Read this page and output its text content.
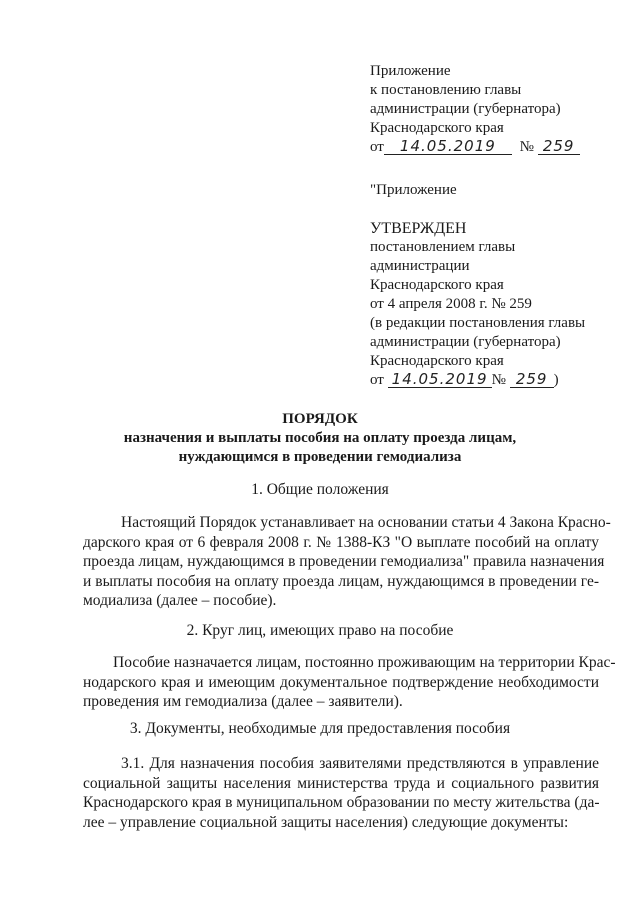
Приложение
к постановлению главы
администрации (губернатора)
Краснодарского края
от 14.05.2019 № 259
"Приложение
УТВЕРЖДЕН
постановлением главы
администрации
Краснодарского края
от 4 апреля 2008 г. № 259
(в редакции постановления главы
администрации (губернатора)
Краснодарского края
от 14.05.2019 № 259 )
ПОРЯДОК
назначения и выплаты пособия на оплату проезда лицам,
нуждающимся в проведении гемодиализа
1. Общие положения
Настоящий Порядок устанавливает на основании статьи 4 Закона Красно-
дарского края от 6 февраля 2008 г. № 1388-КЗ "О выплате пособий на оплату
проезда лицам, нуждающимся в проведении гемодиализа" правила назначения
и выплаты пособия на оплату проезда лицам, нуждающимся в проведении ге-
модиализа (далее – пособие).
2. Круг лиц, имеющих право на пособие
Пособие назначается лицам, постоянно проживающим на территории Крас-
нодарского края и имеющим документальное подтверждение необходимости
проведения им гемодиализа (далее – заявители).
3. Документы, необходимые для предоставления пособия
3.1. Для назначения пособия заявителями предствляются в управление
социальной защиты населения министерства труда и социального развития
Краснодарского края в муниципальном образовании по месту жительства (да-
лее – управление социальной защиты населения) следующие документы:
